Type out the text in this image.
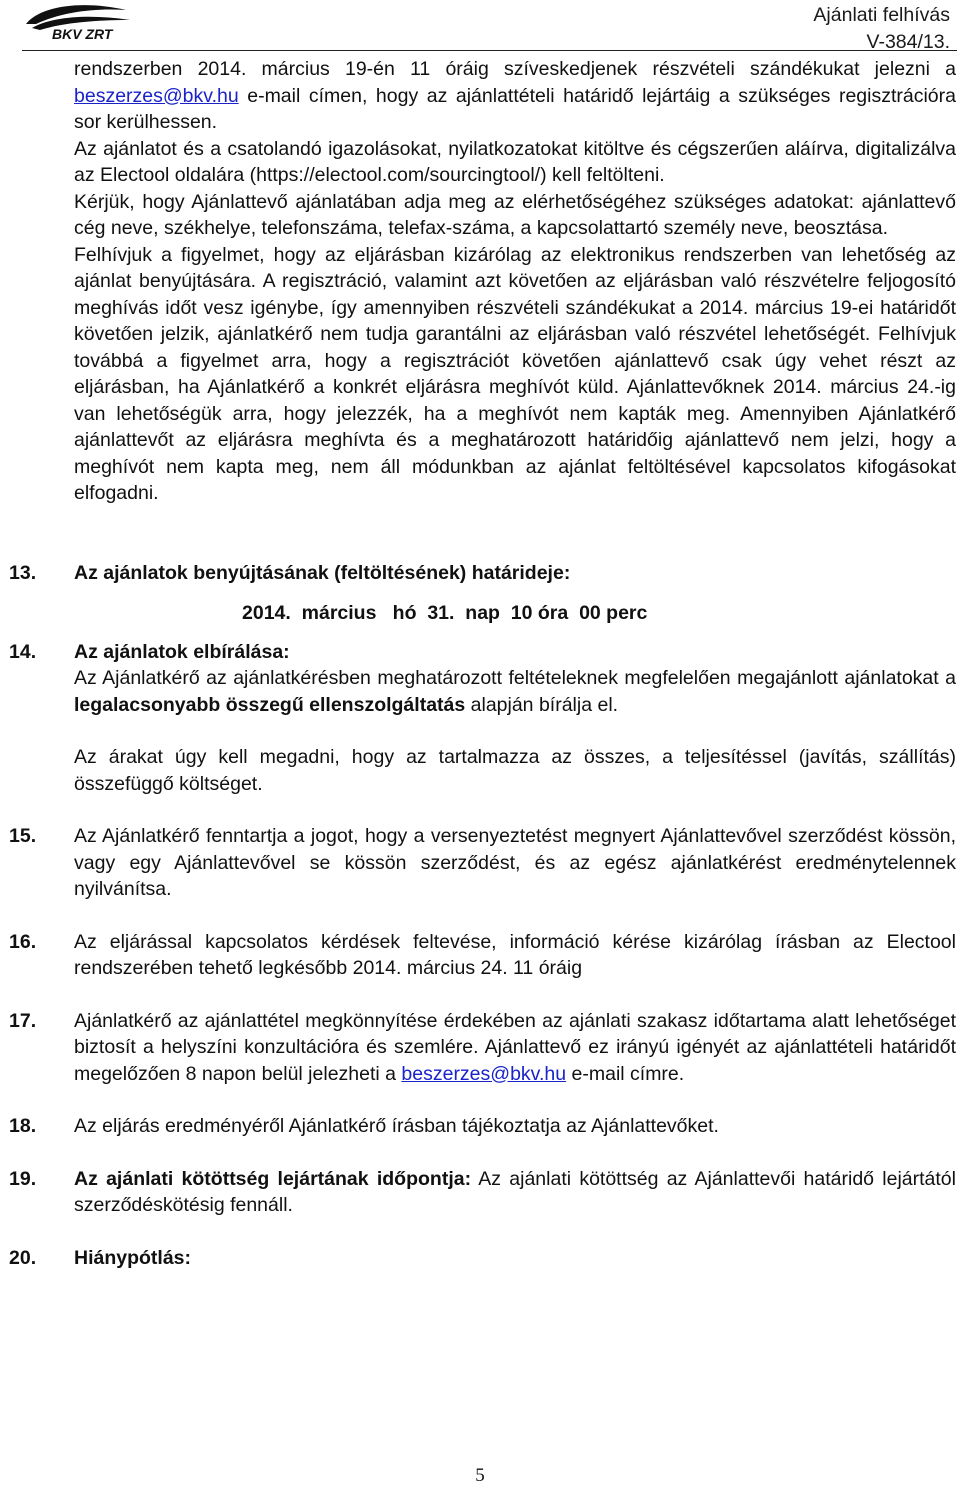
BKV ZRT
Ajánlati felhívás
V-384/13.

rendszerben 2014. március 19-én 11 óráig szíveskedjenek részvételi szándékukat jelezni a beszerzes@bkv.hu e-mail címen, hogy az ajánlattételi határidő lejártáig a szükséges regisztrációra sor kerülhessen.

Az ajánlatot és a csatolandó igazolásokat, nyilatkozatokat kitöltve és cégszerűen aláírva, digitalizálva az Electool oldalára (https://electool.com/sourcingtool/) kell feltölteni.

Kérjük, hogy Ajánlattevő ajánlatában adja meg az elérhetőségéhez szükséges adatokat: ajánlattevő cég neve, székhelye, telefonszáma, telefax-száma, a kapcsolattartó személy neve, beosztása.

Felhívjuk a figyelmet, hogy az eljárásban kizárólag az elektronikus rendszerben van lehetőség az ajánlat benyújtására. A regisztráció, valamint azt követően az eljárásban való részvételre feljogosító meghívás időt vesz igénybe, így amennyiben részvételi szándékukat a 2014. március 19-ei határidőt követően jelzik, ajánlatkérő nem tudja garantálni az eljárásban való részvétel lehetőségét. Felhívjuk továbbá a figyelmet arra, hogy a regisztrációt követően ajánlattevő csak úgy vehet részt az eljárásban, ha Ajánlatkérő a konkrét eljárásra meghívót küld. Ajánlattevőknek 2014. március 24.-ig van lehetőségük arra, hogy jelezzék, ha a meghívót nem kapták meg. Amennyiben Ajánlatkérő ajánlattevőt az eljárásra meghívta és a meghatározott határidőig ajánlattevő nem jelzi, hogy a meghívót nem kapta meg, nem áll módunkban az ajánlat feltöltésével kapcsolatos kifogásokat elfogadni.

13. Az ajánlatok benyújtásának (feltöltésének) határideje:

2014.  március   hó  31.  nap  10 óra  00 perc

14. Az ajánlatok elbírálása:

Az Ajánlatkérő az ajánlatkérésben meghatározott feltételeknek megfelelően megajánlott ajánlatokat a legalacsonyabb összegű ellenszolgáltatás alapján bírálja el.

Az árakat úgy kell megadni, hogy az tartalmazza az összes, a teljesítéssel (javítás, szállítás) összefüggő költséget.

15. Az Ajánlatkérő fenntartja a jogot, hogy a versenyeztetést megnyert Ajánlattevővel szerződést kössön, vagy egy Ajánlattevővel se kössön szerződést, és az egész ajánlatkérést eredménytelennek nyilvánítsa.

16. Az eljárással kapcsolatos kérdések feltevése, információ kérése kizárólag írásban az Electool rendszerében tehető legkésőbb 2014. március 24. 11 óráig

17. Ajánlatkérő az ajánlattétel megkönnyítése érdekében az ajánlati szakasz időtartama alatt lehetőséget biztosít a helyszíni konzultációra és szemlére. Ajánlattevő ez irányú igényét az ajánlattételi határidőt megelőzően 8 napon belül jelezheti a beszerzes@bkv.hu e-mail címre.

18. Az eljárás eredményéről Ajánlatkérő írásban tájékoztatja az Ajánlattevőket.

19. Az ajánlati kötöttség lejártának időpontja: Az ajánlati kötöttség az Ajánlattevői határidő lejártától szerződéskötésig fennáll.

20. Hiánypótlás:

5
